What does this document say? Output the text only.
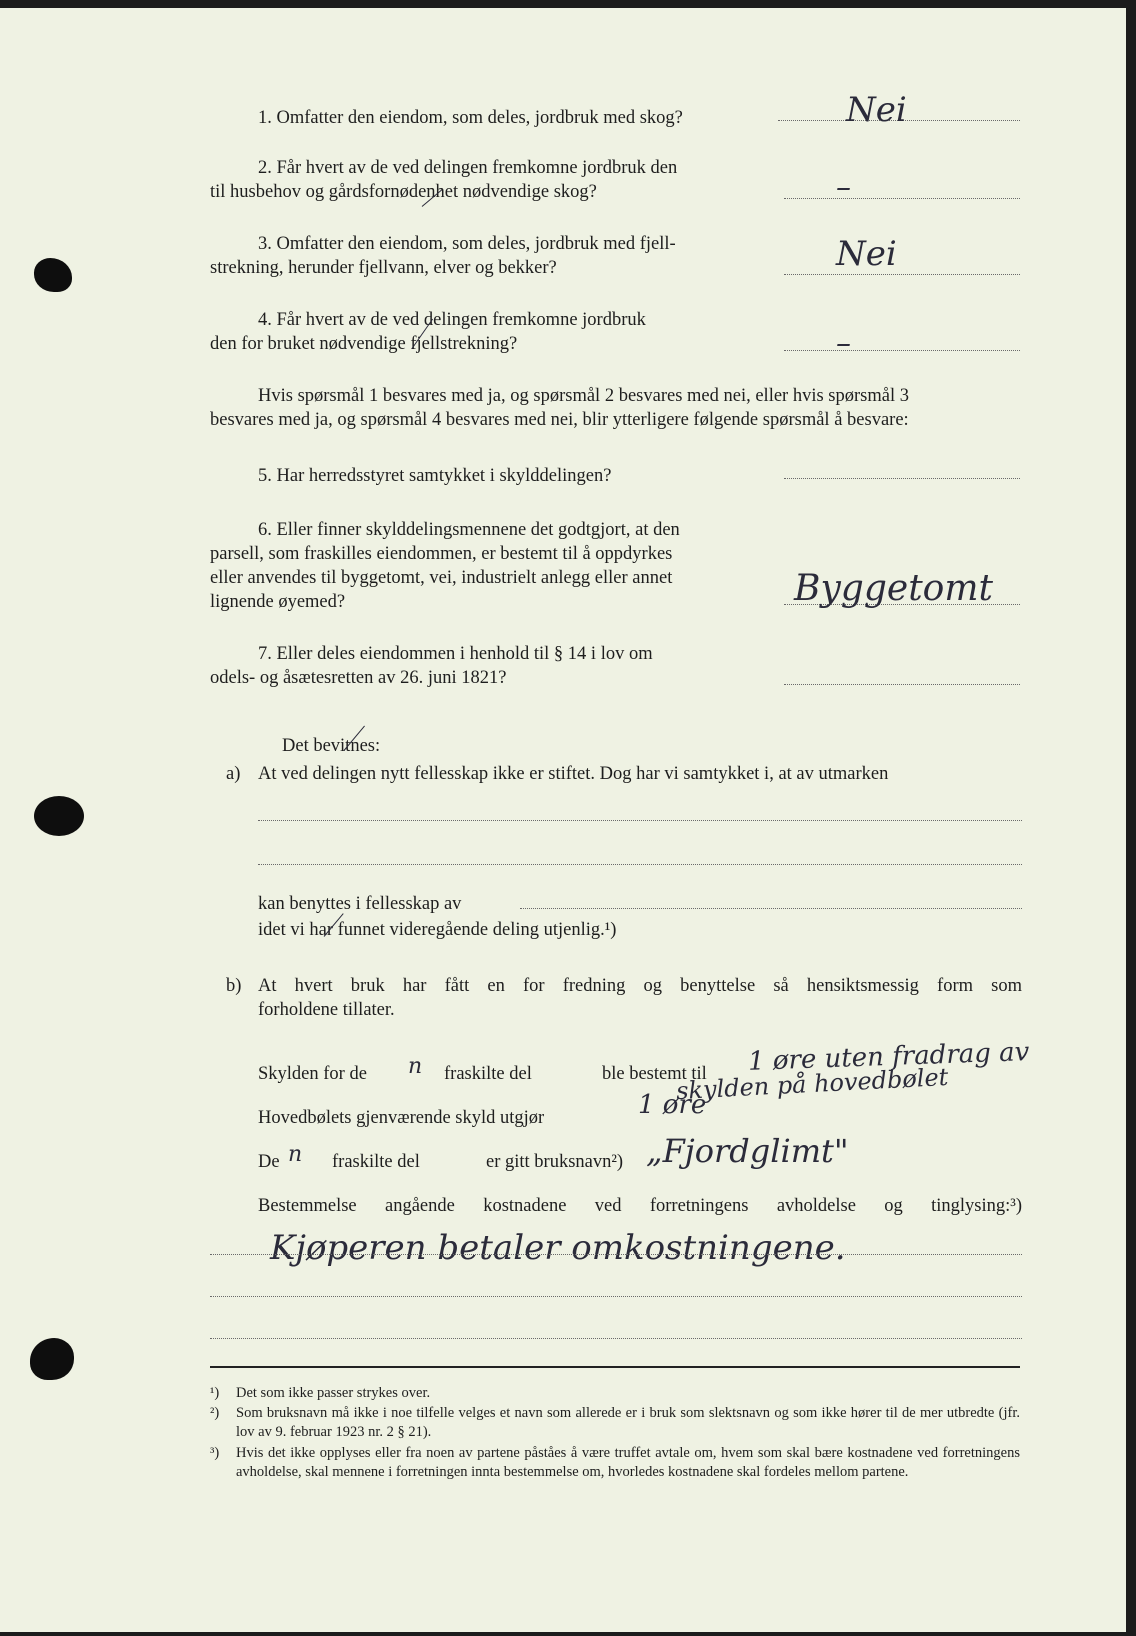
1. Omfatter den eiendom, som deles, jordbruk med skog?	Nei
2. Får hvert av de ved delingen fremkomne jordbruk den
til husbehov og gårdsfornødenhet nødvendige skog?	–
3. Omfatter den eiendom, som deles, jordbruk med fjell-
strekning, herunder fjellvann, elver og bekker?	Nei
4. Får hvert av de ved delingen fremkomne jordbruk
den for bruket nødvendige fjellstrekning?	–
Hvis spørsmål 1 besvares med ja, og spørsmål 2 besvares med nei, eller hvis spørsmål 3
besvares med ja, og spørsmål 4 besvares med nei, blir ytterligere følgende spørsmål å besvare:
5. Har herredsstyret samtykket i skylddelingen?
6. Eller finner skylddelingsmennene det godtgjort, at den
parsell, som fraskilles eiendommen, er bestemt til å oppdyrkes
eller anvendes til byggetomt, vei, industrielt anlegg eller annet
lignende øyemed?	Byggetomt
7. Eller deles eiendommen i henhold til § 14 i lov om
odels- og åsætesretten av 26. juni 1821?
Det bevitnes:
a) At ved delingen nytt fellesskap ikke er stiftet. Dog har vi samtykket i, at av utmarken
kan benyttes i fellesskap av
idet vi har funnet videregående deling utjenlig.¹)
b) At hvert bruk har fått en for fredning og benyttelse så hensiktsmessig form som
forholdene tillater.
Skylden for de n fraskilte del	ble bestemt til 1 øre uten fradrag av
skylden på hovedbølet
Hovedbølets gjenværende skyld utgjør	1 øre
De n fraskilte del	er gitt bruksnavn²) „Fjordglimt"
Bestemmelse angående kostnadene ved forretningens avholdelse og tinglysing:³)
Kjøperen betaler omkostningene.
¹)	Det som ikke passer strykes over.
²)	Som bruksnavn må ikke i noe tilfelle velges et navn som allerede er i bruk som slektsnavn og som ikke hører til de mer utbredte (jfr. lov av 9. februar 1923 nr. 2 § 21).
³)	Hvis det ikke opplyses eller fra noen av partene påståes å være truffet avtale om, hvem som skal bære kostnadene ved forretningens avholdelse, skal mennene i forretningen innta bestemmelse om, hvorledes kostnadene skal fordeles mellom partene.
